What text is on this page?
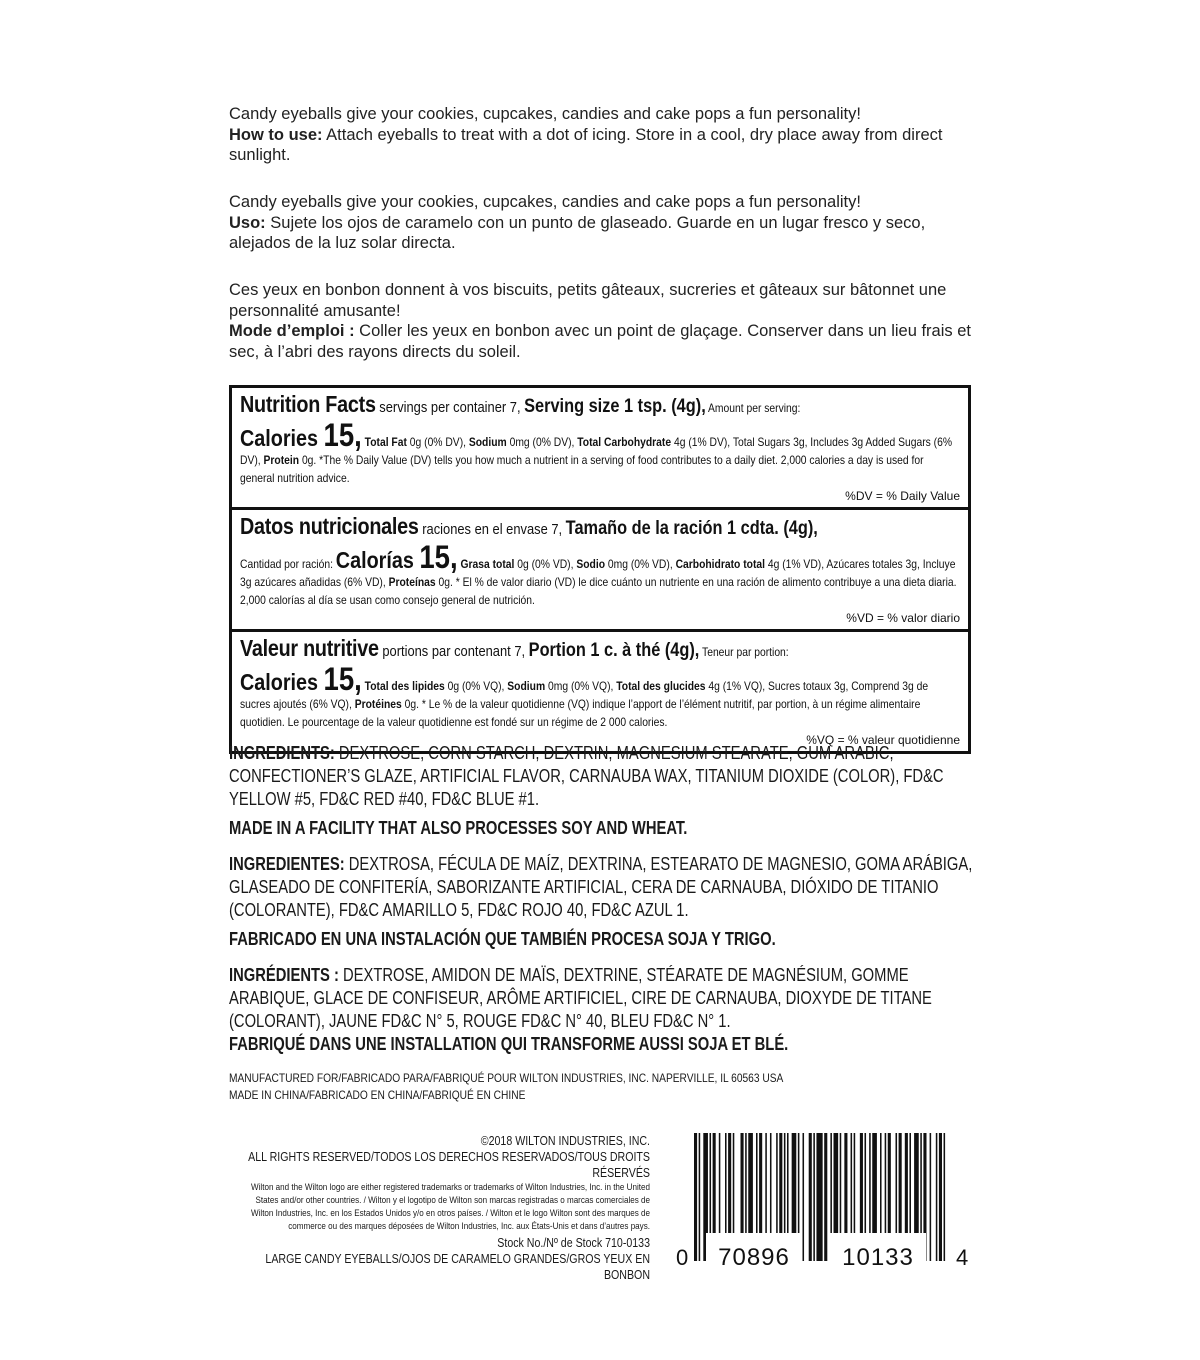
Candy eyeballs give your cookies, cupcakes, candies and cake pops a fun personality!

How to use: Attach eyeballs to treat with a dot of icing. Store in a cool, dry place away from direct sunlight.

Candy eyeballs give your cookies, cupcakes, candies and cake pops a fun personality!

Uso: Sujete los ojos de caramelo con un punto de glaseado. Guarde en un lugar fresco y seco, alejados de la luz solar directa.

Ces yeux en bonbon donnent à vos biscuits, petits gâteaux, sucreries et gâteaux sur bâtonnet une personnalité amusante!

Mode d’emploi : Coller les yeux en bonbon avec un point de glaçage. Conserver dans un lieu frais et sec, à l’abri des rayons directs du soleil.

Nutrition Facts servings per container 7, Serving size 1 tsp. (4g), Amount per serving:
Calories 15, Total Fat 0g (0% DV), Sodium 0mg (0% DV), Total Carbohydrate 4g (1% DV), Total Sugars 3g, Includes 3g Added Sugars (6% DV), Protein 0g. *The % Daily Value (DV) tells you how much a nutrient in a serving of food contributes to a daily diet. 2,000 calories a day is used for general nutrition advice.
%DV = % Daily Value
Datos nutricionales raciones en el envase 7, Tamaño de la ración 1 cdta. (4g),
Cantidad por ración: Calorías 15, Grasa total 0g (0% VD), Sodio 0mg (0% VD), Carbohidrato total 4g (1% VD), Azúcares totales 3g, Incluye 3g azúcares añadidas (6% VD), Proteínas 0g. * El % de valor diario (VD) le dice cuánto un nutriente en una ración de alimento contribuye a una dieta diaria. 2,000 calorías al día se usan como consejo general de nutrición.
%VD = % valor diario
Valeur nutritive portions par contenant 7, Portion 1 c. à thé (4g), Teneur par portion:
Calories 15, Total des lipides 0g (0% VQ), Sodium 0mg (0% VQ), Total des glucides 4g (1% VQ), Sucres totaux 3g, Comprend 3g de sucres ajoutés (6% VQ), Protéines 0g. * Le % de la valeur quotidienne (VQ) indique l’apport de l’élément nutritif, par portion, à un régime alimentaire quotidien. Le pourcentage de la valeur quotidienne est fondé sur un régime de 2 000 calories.
%VQ = % valeur quotidienne
INGREDIENTS: DEXTROSE, CORN STARCH, DEXTRIN, MAGNESIUM STEARATE, GUM ARABIC, CONFECTIONER’S GLAZE, ARTIFICIAL FLAVOR, CARNAUBA WAX, TITANIUM DIOXIDE (COLOR), FD&C YELLOW #5, FD&C RED #40, FD&C BLUE #1.
MADE IN A FACILITY THAT ALSO PROCESSES SOY AND WHEAT.
INGREDIENTES: DEXTROSA, FÉCULA DE MAÍZ, DEXTRINA, ESTEARATO DE MAGNESIO, GOMA ARÁBIGA, GLASEADO DE CONFITERÍA, SABORIZANTE ARTIFICIAL, CERA DE CARNAUBA, DIÓXIDO DE TITANIO (COLORANTE), FD&C AMARILLO 5, FD&C ROJO 40, FD&C AZUL 1.
FABRICADO EN UNA INSTALACIÓN QUE TAMBIÉN PROCESA SOJA Y TRIGO.
INGRÉDIENTS : DEXTROSE, AMIDON DE MAÏS, DEXTRINE, STÉARATE DE MAGNÉSIUM, GOMME ARABIQUE, GLACE DE CONFISEUR, ARÔME ARTIFICIEL, CIRE DE CARNAUBA, DIOXYDE DE TITANE (COLORANT), JAUNE FD&C N° 5, ROUGE FD&C N° 40, BLEU FD&C N° 1.
FABRIQUÉ DANS UNE INSTALLATION QUI TRANSFORME AUSSI SOJA ET BLÉ.
MANUFACTURED FOR/FABRICADO PARA/FABRIQUÉ POUR WILTON INDUSTRIES, INC. NAPERVILLE, IL 60563 USA
MADE IN CHINA/FABRICADO EN CHINA/FABRIQUÉ EN CHINE
©2018 WILTON INDUSTRIES, INC.
ALL RIGHTS RESERVED/TODOS LOS DERECHOS RESERVADOS/TOUS DROITS RÉSERVÉS
Wilton and the Wilton logo are either registered trademarks or trademarks of Wilton Industries, Inc. in the United States and/or other countries. / Wilton y el logotipo de Wilton son marcas registradas o marcas comerciales de Wilton Industries, Inc. en los Estados Unidos y/o en otros países. / Wilton et le logo Wilton sont des marques de commerce ou des marques déposées de Wilton Industries, Inc. aux États-Unis et dans d’autres pays.
Stock No./Nº de Stock 710-0133
LARGE CANDY EYEBALLS/OJOS DE CARAMELO GRANDES/GROS YEUX EN BONBON
0 70896 10133 4
